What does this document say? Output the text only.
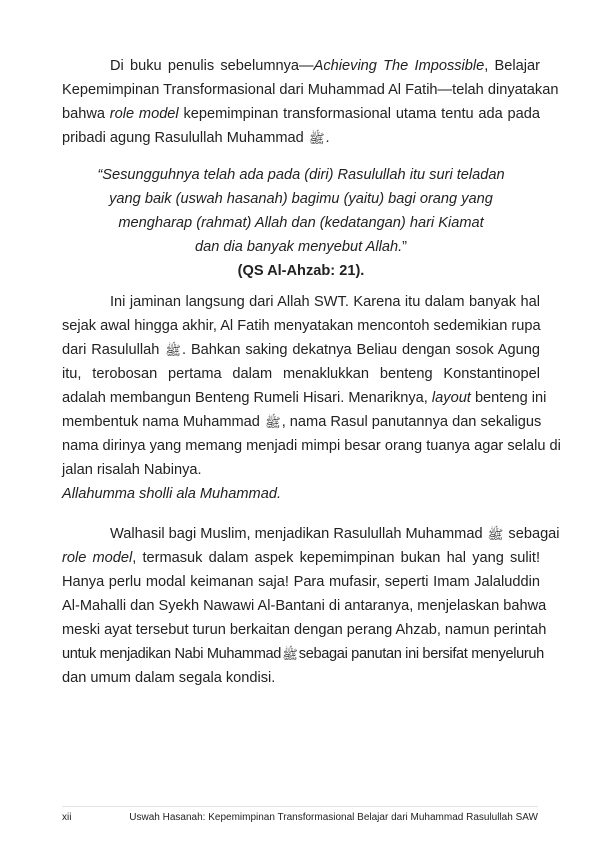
Di buku penulis sebelumnya—Achieving The Impossible, Belajar
Kepemimpinan Transformasional dari Muhammad Al Fatih—telah dinyatakan
bahwa role model kepemimpinan transformasional utama tentu ada pada
pribadi agung Rasulullah Muhammad ﷺ.
“Sesungguhnya telah ada pada (diri) Rasulullah itu suri teladan
yang baik (uswah hasanah) bagimu (yaitu) bagi orang yang
mengharap (rahmat) Allah dan (kedatangan) hari Kiamat
dan dia banyak menyebut Allah.”
(QS Al-Ahzab: 21).
Ini jaminan langsung dari Allah SWT. Karena itu dalam banyak hal
sejak awal hingga akhir, Al Fatih menyatakan mencontoh sedemikian rupa
dari Rasulullah ﷺ. Bahkan saking dekatnya Beliau dengan sosok Agung
itu, terobosan pertama dalam menaklukkan benteng Konstantinopel
adalah membangun Benteng Rumeli Hisari. Menariknya, layout benteng ini
membentuk nama Muhammad ﷺ, nama Rasul panutannya dan sekaligus
nama dirinya yang memang menjadi mimpi besar orang tuanya agar selalu di
jalan risalah Nabinya.
Allahumma sholli ala Muhammad.
Walhasil bagi Muslim, menjadikan Rasulullah Muhammad ﷺ sebagai
role model, termasuk dalam aspek kepemimpinan bukan hal yang sulit!
Hanya perlu modal keimanan saja! Para mufasir, seperti Imam Jalaluddin
Al-Mahalli dan Syekh Nawawi Al-Bantani di antaranya, menjelaskan bahwa
meski ayat tersebut turun berkaitan dengan perang Ahzab, namun perintah
untuk menjadikan Nabi Muhammadﷺsebagai panutan ini bersifat menyeluruh
dan umum dalam segala kondisi.
xii	Uswah Hasanah: Kepemimpinan Transformasional Belajar dari Muhammad Rasulullah SAW
